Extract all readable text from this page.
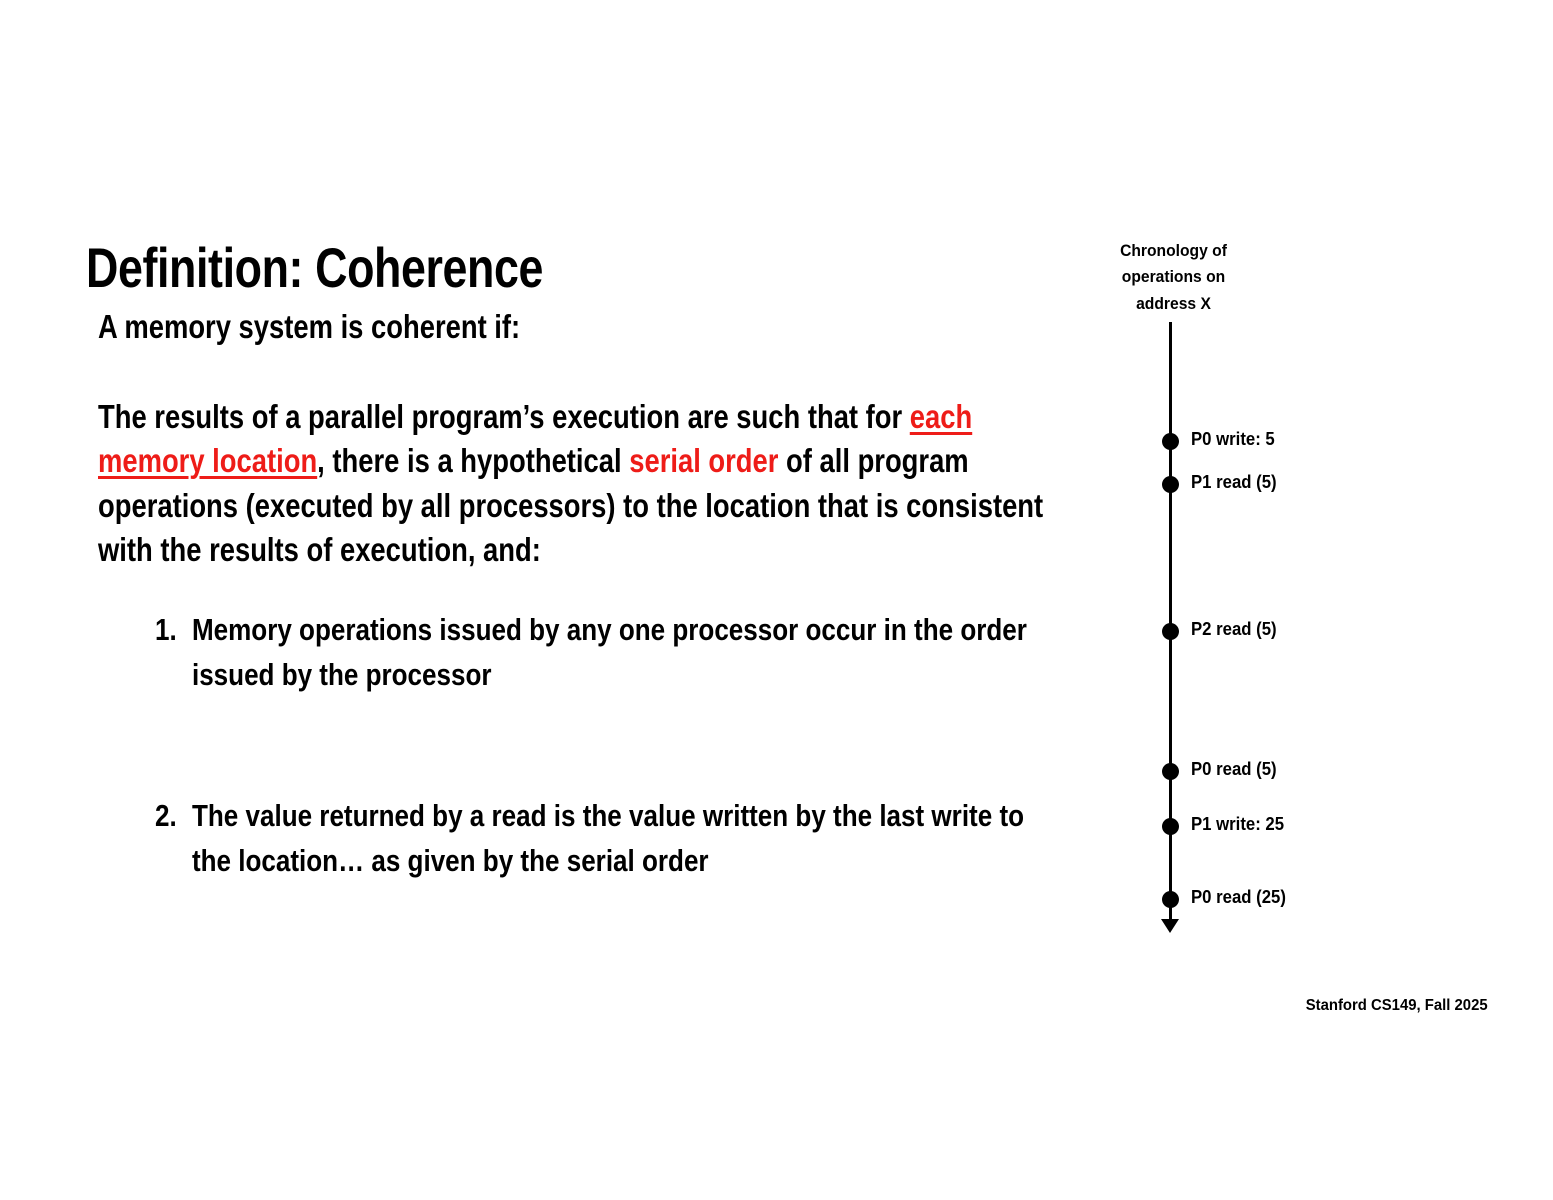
Definition: Coherence

A memory system is coherent if:

The results of a parallel program’s execution are such that for each memory location, there is a hypothetical serial order of all program operations (executed by all processors) to the location that is consistent with the results of execution, and:

1. Memory operations issued by any one processor occur in the order issued by the processor
2. The value returned by a read is the value written by the last write to the location… as given by the serial order
Chronology of operations on address X
P0 write: 5
P1 read (5)
P2 read (5)
P0 read (5)
P1 write: 25
P0 read (25)
Stanford CS149, Fall 2025
